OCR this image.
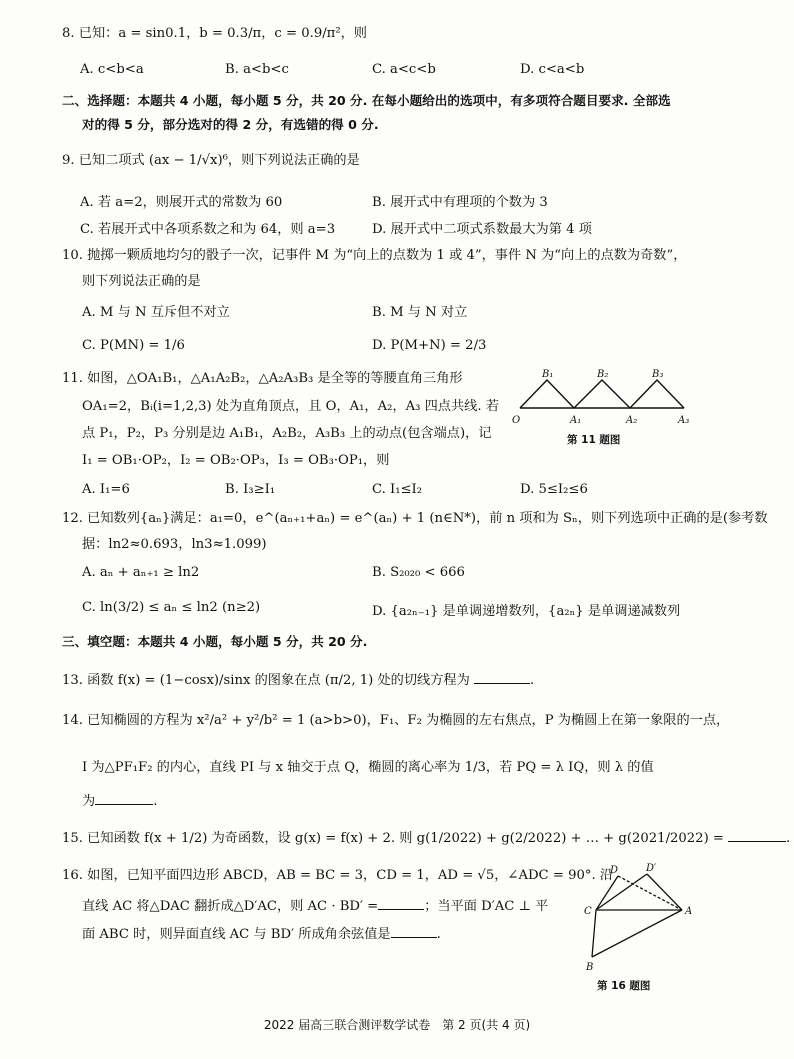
8. 已知：a = sin0.1，b = 0.3/π，c = 0.9/π²，则
A. c<b<a	B. a<b<c	C. a<c<b	D. c<a<b
二、选择题：本题共 4 小题，每小题 5 分，共 20 分. 在每小题给出的选项中，有多项符合题目要求. 全部选
对的得 5 分，部分选对的得 2 分，有选错的得 0 分.
9. 已知二项式 (ax − 1/√x)⁶，则下列说法正确的是
A. 若 a=2，则展开式的常数为 60	B. 展开式中有理项的个数为 3
C. 若展开式中各项系数之和为 64，则 a=3	D. 展开式中二项式系数最大为第 4 项
10. 抛掷一颗质地均匀的骰子一次，记事件 M 为“向上的点数为 1 或 4”，事件 N 为“向上的点数为奇数”，
则下列说法正确的是
A. M 与 N 互斥但不对立	B. M 与 N 对立
C. P(MN) = 1/6	D. P(M+N) = 2/3
11. 如图，△OA₁B₁，△A₁A₂B₂，△A₂A₃B₃ 是全等的等腰直角三角形
OA₁=2，Bᵢ(i=1,2,3) 处为直角顶点，且 O，A₁，A₂，A₃ 四点共线. 若
点 P₁，P₂，P₃ 分别是边 A₁B₁，A₂B₂，A₃B₃ 上的动点(包含端点)，记
I₁ = OB₁·OP₂，I₂ = OB₂·OP₃，I₃ = OB₃·OP₁，则
A. I₁=6	B. I₃≥I₁	C. I₁≤I₂	D. 5≤I₂≤6
B₁	B₂	B₃
O	A₁	A₂	A₃
第 11 题图
12. 已知数列{aₙ}满足：a₁=0，e^(aₙ₊₁+aₙ) = e^(aₙ) + 1 (n∈N*)，前 n 项和为 Sₙ，则下列选项中正确的是(参考数
据：ln2≈0.693，ln3≈1.099)
A. aₙ + aₙ₊₁ ≥ ln2	B. S₂₀₂₀ < 666
C. ln(3/2) ≤ aₙ ≤ ln2 (n≥2)	D. {a₂ₙ₋₁} 是单调递增数列，{a₂ₙ} 是单调递减数列
三、填空题：本题共 4 小题，每小题 5 分，共 20 分.
13. 函数 f(x) = (1−cosx)/sinx 的图象在点 (π/2, 1) 处的切线方程为	.
14. 已知椭圆的方程为 x²/a² + y²/b² = 1 (a>b>0)，F₁、F₂ 为椭圆的左右焦点，P 为椭圆上在第一象限的一点，
I 为△PF₁F₂ 的内心，直线 PI 与 x 轴交于点 Q，椭圆的离心率为 1/3，若 PQ = λ IQ，则 λ 的值
为	.
15. 已知函数 f(x + 1/2) 为奇函数，设 g(x) = f(x) + 2. 则 g(1/2022) + g(2/2022) + … + g(2021/2022) =	.
16. 如图，已知平面四边形 ABCD，AB = BC = 3，CD = 1，AD = √5，∠ADC = 90°. 沿
直线 AC 将△DAC 翻折成△D′AC，则 AC · BD′ =	；当平面 D′AC ⊥ 平
面 ABC 时，则异面直线 AC 与 BD′ 所成角余弦值是	.
D	D′
C	A
B
第 16 题图
2022 届高三联合测评数学试卷　第 2 页(共 4 页)
